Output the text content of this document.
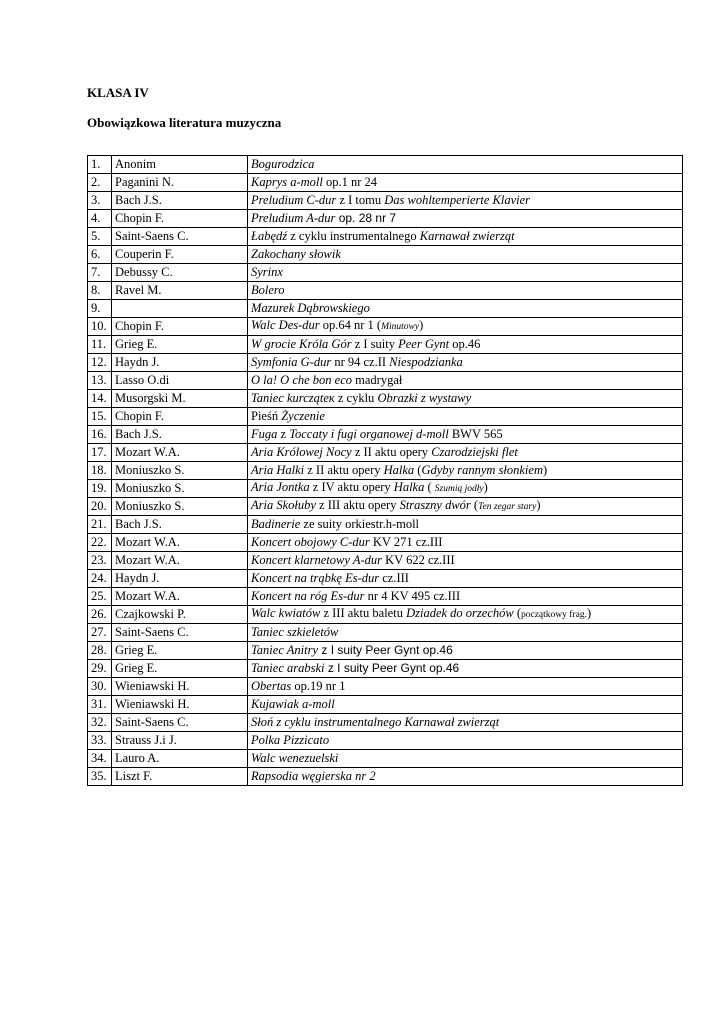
KLASA IV

Obowiązkowa literatura muzyczna

1.	Anonim	Bogurodzica
2.	Paganini N.	Kaprys a-moll op.1 nr 24
3.	Bach J.S.	Preludium C-dur z I tomu Das wohltemperierte Klavier
4.	Chopin F.	Preludium A-dur op. 28 nr 7
5.	Saint-Saens C.	Łabędź z cyklu instrumentalnego Karnawał zwierząt
6.	Couperin F.	Zakochany słowik
7.	Debussy C.	Syrinx
8.	Ravel M.	Bolero
9.		Mazurek Dąbrowskiego
10.	Chopin F.	Walc Des-dur op.64 nr 1 (Minutowy)
11.	Grieg E.	W grocie Króla Gór z I suity Peer Gynt op.46
12.	Haydn J.	Symfonia G-dur nr 94 cz.II Niespodzianka
13.	Lasso O.di	O la! O che bon eco madrygał
14.	Musorgski M.	Taniec kurcząteк z cyklu Obrazki z wystawy
15.	Chopin F.	Pieśń Życzenie
16.	Bach J.S.	Fuga z Toccaty i fugi organowej d-moll BWV 565
17.	Mozart W.A.	Aria Królowej Nocy z II aktu opery Czarodziejski flet
18.	Moniuszko S.	Aria Halki z II aktu opery Halka (Gdyby rannym słonkiem)
19.	Moniuszko S.	Aria Jontka z IV aktu opery Halka ( Szumią jodły)
20.	Moniuszko S.	Aria Skołuby z III aktu opery Straszny dwór (Ten zegar stary)
21.	Bach J.S.	Badinerie ze suity orkiestr.h-moll
22.	Mozart W.A.	Koncert obojowy C-dur KV 271 cz.III
23.	Mozart W.A.	Koncert klarnetowy A-dur KV 622 cz.III
24.	Haydn J.	Koncert na trąbkę Es-dur cz.III
25.	Mozart W.A.	Koncert na róg Es-dur nr 4 KV 495 cz.III
26.	Czajkowski P.	Walc kwiatów z III aktu baletu Dziadek do orzechów (początkowy frag.)
27.	Saint-Saens C.	Taniec szkieletów
28.	Grieg E.	Taniec Anitry z I suity Peer Gynt op.46
29.	Grieg E.	Taniec arabski z I suity Peer Gynt op.46
30.	Wieniawski H.	Obertas op.19 nr 1
31.	Wieniawski H.	Kujawiak a-moll
32.	Saint-Saens C.	Słoń z cyklu instrumentalnego Karnawał zwierząt
33.	Strauss J.i J.	Polka Pizzicato
34.	Lauro A.	Walc wenezuelski
35.	Liszt F.	Rapsodia węgierska nr 2
